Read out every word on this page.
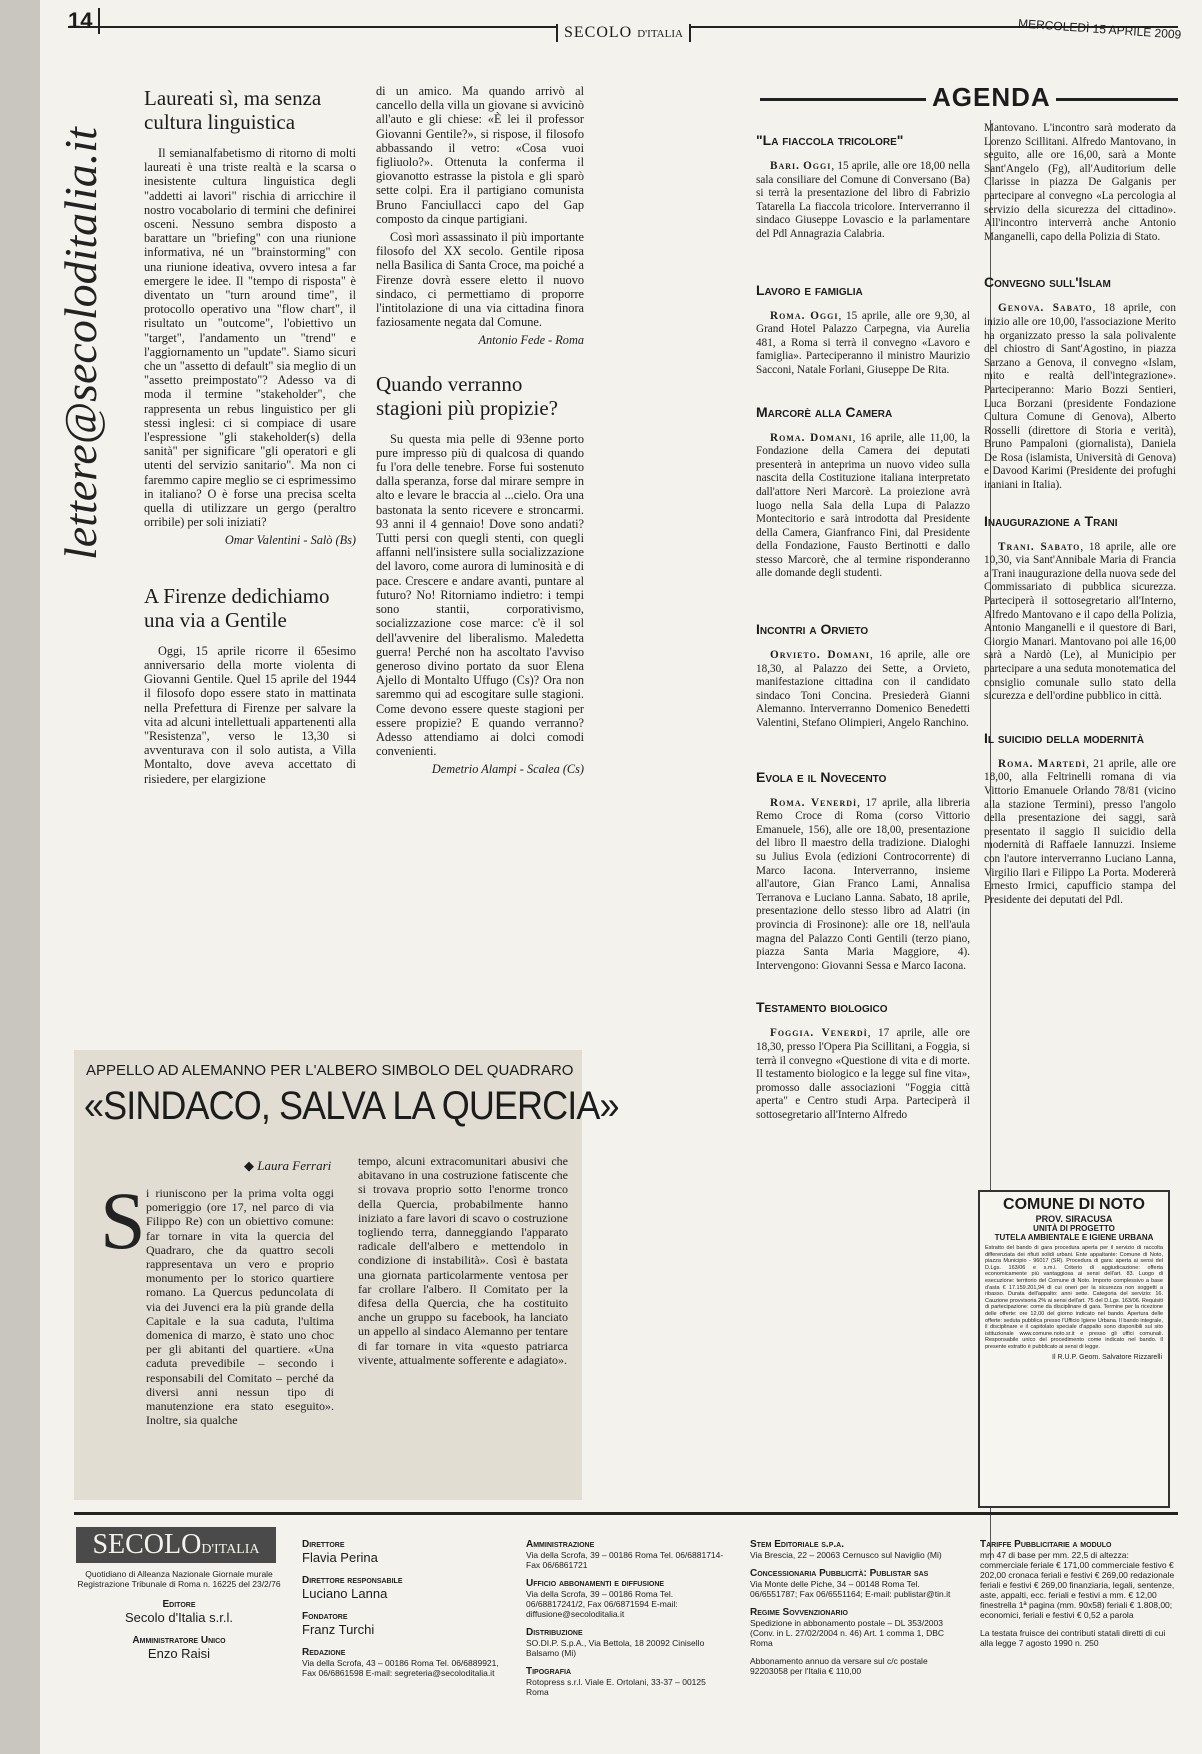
14	SECOLO D'ITALIA	MERCOLEDÌ 15 APRILE 2009
lettere@secoloditalia.it
Laureati sì, ma senza cultura linguistica

Il semianalfabetismo di ritorno di molti laureati è una triste realtà e la scarsa o inesistente cultura linguistica degli "addetti ai lavori" rischia di arricchire il nostro vocabolario di termini che definirei osceni. Nessuno sembra disposto a barattare un "briefing" con una riunione informativa, né un "brainstorming" con una riunione ideativa, ovvero intesa a far emergere le idee. Il "tempo di risposta" è diventato un "turn around time", il protocollo operativo una "flow chart", il risultato un "outcome", l'obiettivo un "target", l'andamento un "trend" e l'aggiornamento un "update". Siamo sicuri che un "assetto di default" sia meglio di un "assetto preimpostato"? Adesso va di moda il termine "stakeholder", che rappresenta un rebus linguistico per gli stessi inglesi: ci si compiace di usare l'espressione "gli stakeholder(s) della sanità" per significare "gli operatori e gli utenti del servizio sanitario". Ma non ci faremmo capire meglio se ci esprimessimo in italiano? O è forse una precisa scelta quella di utilizzare un gergo (peraltro orribile) per soli iniziati?

Omar Valentini - Salò (Bs)
A Firenze dedichiamo una via a Gentile

Oggi, 15 aprile ricorre il 65esimo anniversario della morte violenta di Giovanni Gentile. Quel 15 aprile del 1944 il filosofo dopo essere stato in mattinata nella Prefettura di Firenze per salvare la vita ad alcuni intellettuali appartenenti alla "Resistenza", verso le 13,30 si avventurava con il solo autista, a Villa Montalto, dove aveva accettato di risiedere, per elargizione

di un amico. Ma quando arrivò al cancello della villa un giovane si avvicinò all'auto e gli chiese: «È lei il professor Giovanni Gentile?», si rispose, il filosofo abbassando il vetro: «Cosa vuoi figliuolo?». Ottenuta la conferma il giovanotto estrasse la pistola e gli sparò sette colpi. Era il partigiano comunista Bruno Fanciullacci capo del Gap composto da cinque partigiani.

Così morì assassinato il più importante filosofo del XX secolo. Gentile riposa nella Basilica di Santa Croce, ma poiché a Firenze dovrà essere eletto il nuovo sindaco, ci permettiamo di proporre l'intitolazione di una via cittadina finora faziosamente negata dal Comune.

Antonio Fede - Roma
Quando verranno stagioni più propizie?

Su questa mia pelle di 93enne porto pure impresso più di qualcosa di quando fu l'ora delle tenebre. Forse fui sostenuto dalla speranza, forse dal mirare sempre in alto e levare le braccia al ...cielo. Ora una bastonata la sento ricevere e stroncarmi. 93 anni il 4 gennaio! Dove sono andati? Tutti persi con quegli stenti, con quegli affanni nell'insistere sulla socializzazione del lavoro, come aurora di luminosità e di pace. Crescere e andare avanti, puntare al futuro? No! Ritorniamo indietro: i tempi sono stantii, corporativismo, socializzazione cose marce: c'è il sol dell'avvenire del liberalismo. Maledetta guerra! Perché non ha ascoltato l'avviso generoso divino portato da suor Elena Ajello di Montalto Uffugo (Cs)? Ora non saremmo qui ad escogitare sulle stagioni. Come devono essere queste stagioni per essere propizie? E quando verranno? Adesso attendiamo ai dolci comodi convenienti.

Demetrio Alampi - Scalea (Cs)
APPELLO AD ALEMANNO PER L'ALBERO SIMBOLO DEL QUADRARO
«SINDACO, SALVA LA QUERCIA»
◆ Laura Ferrari
S i riuniscono per la prima volta oggi pomeriggio (ore 17, nel parco di via Filippo Re) con un obiettivo comune: far tornare in vita la quercia del Quadraro, che da quattro secoli rappresentava un vero e proprio monumento per lo storico quartiere romano. La Quercus peduncolata di via dei Juvenci era la più grande della Capitale e la sua caduta, l'ultima domenica di marzo, è stato uno choc per gli abitanti del quartiere. «Una caduta prevedibile – secondo i responsabili del Comitato – perché da diversi anni nessun tipo di manutenzione era stato eseguito». Inoltre, sia qualche
tempo, alcuni extracomunitari abusivi che abitavano in una costruzione fatiscente che si trovava proprio sotto l'enorme tronco della Quercia, probabilmente hanno iniziato a fare lavori di scavo o costruzione togliendo terra, danneggiando l'apparato radicale dell'albero e mettendolo in condizione di instabilità». Così è bastata una giornata particolarmente ventosa per far crollare l'albero. Il Comitato per la difesa della Quercia, che ha costituito anche un gruppo su facebook, ha lanciato un appello al sindaco Alemanno per tentare di far tornare in vita «questo patriarca vivente, attualmente sofferente e adagiato».
AGENDA
"La fiaccola tricolore"

Bari. Oggi, 15 aprile, alle ore 18,00 nella sala consiliare del Comune di Conversano (Ba) si terrà la presentazione del libro di Fabrizio Tatarella La fiaccola tricolore. Interverranno il sindaco Giuseppe Lovascio e la parlamentare del Pdl Annagrazia Calabria.

Lavoro e famiglia

Roma. Oggi, 15 aprile, alle ore 9,30, al Grand Hotel Palazzo Carpegna, via Aurelia 481, a Roma si terrà il convegno «Lavoro e famiglia». Parteciperanno il ministro Maurizio Sacconi, Natale Forlani, Giuseppe De Rita.

Marcorè alla Camera

Roma. Domani, 16 aprile, alle 11,00, la Fondazione della Camera dei deputati presenterà in anteprima un nuovo video sulla nascita della Costituzione italiana interpretato dall'attore Neri Marcorè. La proiezione avrà luogo nella Sala della Lupa di Palazzo Montecitorio e sarà introdotta dal Presidente della Camera, Gianfranco Fini, dal Presidente della Fondazione, Fausto Bertinotti e dallo stesso Marcorè, che al termine risponderanno alle domande degli studenti.

Incontri a Orvieto

Orvieto. Domani, 16 aprile, alle ore 18,30, al Palazzo dei Sette, a Orvieto, manifestazione cittadina con il candidato sindaco Toni Concina. Presiederà Gianni Alemanno. Interverranno Domenico Benedetti Valentini, Stefano Olimpieri, Angelo Ranchino.

Evola e il Novecento

Roma. Venerdì, 17 aprile, alla libreria Remo Croce di Roma (corso Vittorio Emanuele, 156), alle ore 18,00, presentazione del libro Il maestro della tradizione. Dialoghi su Julius Evola (edizioni Controcorrente) di Marco Iacona. Interverranno, insieme all'autore, Gian Franco Lami, Annalisa Terranova e Luciano Lanna. Sabato, 18 aprile, presentazione dello stesso libro ad Alatri (in provincia di Frosinone): alle ore 18, nell'aula magna del Palazzo Conti Gentili (terzo piano, piazza Santa Maria Maggiore, 4). Intervengono: Giovanni Sessa e Marco Iacona.

Testamento biologico

Foggia. Venerdì, 17 aprile, alle ore 18,30, presso l'Opera Pia Scillitani, a Foggia, si terrà il convegno «Questione di vita e di morte. Il testamento biologico e la legge sul fine vita», promosso dalle associazioni "Foggia città aperta" e Centro studi Arpa. Parteciperà il sottosegretario all'Interno Alfredo

Mantovano. L'incontro sarà moderato da Lorenzo Scillitani. Alfredo Mantovano, in seguito, alle ore 16,00, sarà a Monte Sant'Angelo (Fg), all'Auditorium delle Clarisse in piazza De Galganis per partecipare al convegno «La percologia al servizio della sicurezza del cittadino». All'incontro interverrà anche Antonio Manganelli, capo della Polizia di Stato.

Convegno sull'Islam

Genova. Sabato, 18 aprile, con inizio alle ore 10,00, l'associazione Merito ha organizzato presso la sala polivalente del chiostro di Sant'Agostino, in piazza Sarzano a Genova, il convegno «Islam, mito e realtà dell'integrazione». Parteciperanno: Mario Bozzi Sentieri, Luca Borzani (presidente Fondazione Cultura Comune di Genova), Alberto Rosselli (direttore di Storia e verità), Bruno Pampaloni (giornalista), Daniela De Rosa (islamista, Università di Genova) e Davood Karimi (Presidente dei profughi iraniani in Italia).

Inaugurazione a Trani

Trani. Sabato, 18 aprile, alle ore 10,30, via Sant'Annibale Maria di Francia a Trani inaugurazione della nuova sede del Commissariato di pubblica sicurezza. Parteciperà il sottosegretario all'Interno, Alfredo Mantovano e il capo della Polizia, Antonio Manganelli e il questore di Bari, Giorgio Manari. Mantovano poi alle 16,00 sarà a Nardò (Le), al Municipio per partecipare a una seduta monotematica del consiglio comunale sullo stato della sicurezza e dell'ordine pubblico in città.

Il suicidio della modernità

Roma. Martedì, 21 aprile, alle ore 18,00, alla Feltrinelli romana di via Vittorio Emanuele Orlando 78/81 (vicino alla stazione Termini), presso l'angolo della presentazione dei saggi, sarà presentato il saggio Il suicidio della modernità di Raffaele Iannuzzi. Insieme con l'autore interverranno Luciano Lanna, Virgilio Ilari e Filippo La Porta. Modererà Ernesto Irmici, capufficio stampa del Presidente dei deputati del Pdl.

COMUNE DI NOTO
PROV. SIRACUSA
UNITÀ DI PROGETTO
TUTELA AMBIENTALE E IGIENE URBANA
Estratto del bando di gara procedura aperta per il servizio di raccolta differenziata dei rifiuti solidi urbani. Ente appaltante: Comune di Noto, piazza Municipio - 96017 (SR). Procedura di gara: aperta ai sensi del D.Lgs. 163/06 e s.m.i. Criterio di aggiudicazione: offerta economicamente più vantaggiosa ai sensi dell'art. 83. Luogo di esecuzione: territorio del Comune di Noto. Importo complessivo a base d'asta € 17.159.201,94 di cui oneri per la sicurezza non soggetti a ribasso. Durata dell'appalto: anni sette. Categoria del servizio: 16. Cauzione provvisoria 2% ai sensi dell'art. 75 del D.Lgs. 163/06. Requisiti di partecipazione: come da disciplinare di gara. Termine per la ricezione delle offerte: ore 12,00 del giorno indicato nel bando. Apertura delle offerte: seduta pubblica presso l'Ufficio Igiene Urbana. Il bando integrale, il disciplinare e il capitolato speciale d'appalto sono disponibili sul sito istituzionale www.comune.noto.sr.it e presso gli uffici comunali. Responsabile unico del procedimento come indicato nel bando. Il presente estratto è pubblicato ai sensi di legge.
Il R.U.P. Geom. Salvatore Rizzarelli
SECOLOD'ITALIA
Quotidiano di Alleanza Nazionale Giornale murale Registrazione Tribunale di Roma n. 16225 del 23/2/76
Editore
Secolo d'Italia s.r.l.
Amministratore Unico
Enzo Raisi
Direttore
Flavia Perina
Direttore responsabile
Luciano Lanna
Fondatore
Franz Turchi
Redazione
Via della Scrofa, 43 – 00186 Roma Tel. 06/6889921, Fax 06/6861598 E-mail: segreteria@secoloditalia.it
Amministrazione
Via della Scrofa, 39 – 00186 Roma Tel. 06/6881714-Fax 06/6861721
Ufficio abbonamenti e diffusione
Via della Scrofa, 39 – 00186 Roma Tel. 06/68817241/2, Fax 06/6871594 E-mail: diffusione@secoloditalia.it
Distribuzione
SO.DI.P. S.p.A., Via Bettola, 18 20092 Cinisello Balsamo (Mi)
Tipografia
Rotopress s.r.l. Viale E. Ortolani, 33-37 – 00125 Roma
Stem Editoriale s.p.a.
Via Brescia, 22 – 20063 Cernusco sul Naviglio (Mi)
Concessionaria Pubblicità: Publistar sas
Via Monte delle Piche, 34 – 00148 Roma Tel. 06/6551787; Fax 06/6551164; E-mail: publistar@tin.it
Regime Sovvenzionario
Spedizione in abbonamento postale – DL 353/2003 (Conv. in L. 27/02/2004 n. 46) Art. 1 comma 1, DBC Roma
Abbonamento annuo da versare sul c/c postale 92203058 per l'Italia € 110,00
Tariffe Pubblicitarie a modulo
mm 47 di base per mm. 22,5 di altezza: commerciale feriale € 171,00 commerciale festivo € 202,00 cronaca feriali e festivi € 269,00 redazionale feriali e festivi € 269,00 finanziaria, legali, sentenze, aste, appalti, ecc. feriali e festivi a mm. € 12,00 finestrella 1ª pagina (mm. 90x58) feriali € 1.808,00; economici, feriali e festivi € 0,52 a parola
La testata fruisce dei contributi statali diretti di cui alla legge 7 agosto 1990 n. 250
